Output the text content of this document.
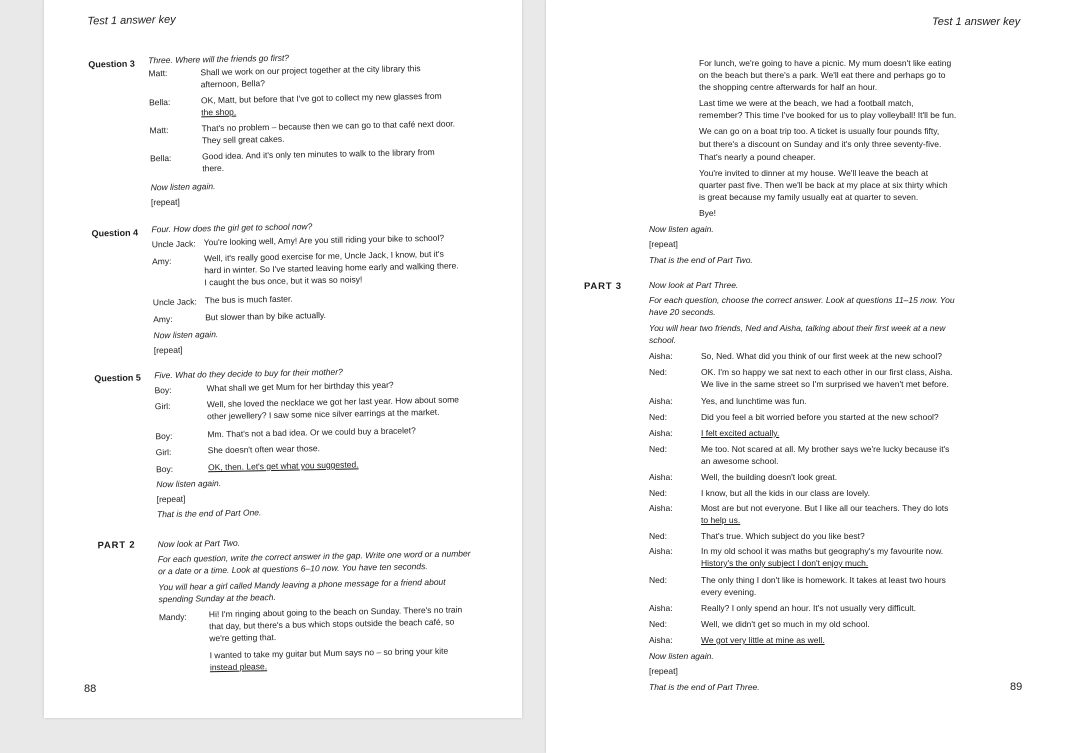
Test 1 answer key
Question 3 Three. Where will the friends go first?
Matt:	Shall we work on our project together at the city library this
afternoon, Bella?
Bella:	OK, Matt, but before that I've got to collect my new glasses from
the shop.
Matt:	That's no problem – because then we can go to that café next door.
They sell great cakes.
Bella:	Good idea. And it's only ten minutes to walk to the library from
there.
Now listen again.
[repeat]
Question 4 Four. How does the girl get to school now?
Uncle Jack: You're looking well, Amy! Are you still riding your bike to school?
Amy:	Well, it's really good exercise for me, Uncle Jack, I know, but it's
hard in winter. So I've started leaving home early and walking there.
I caught the bus once, but it was so noisy!
Uncle Jack: The bus is much faster.
Amy:	But slower than by bike actually.
Now listen again.
[repeat]
Question 5 Five. What do they decide to buy for their mother?
Boy:	What shall we get Mum for her birthday this year?
Girl:	Well, she loved the necklace we got her last year. How about some
other jewellery? I saw some nice silver earrings at the market.
Boy:	Mm. That's not a bad idea. Or we could buy a bracelet?
Girl:	She doesn't often wear those.
Boy:	OK, then. Let's get what you suggested.
Now listen again.
[repeat]
That is the end of Part One.
PART 2	Now look at Part Two.
For each question, write the correct answer in the gap. Write one word or a number
or a date or a time. Look at questions 6–10 now. You have ten seconds.
You will hear a girl called Mandy leaving a phone message for a friend about
spending Sunday at the beach.
Mandy:	Hi! I'm ringing about going to the beach on Sunday. There's no train
that day, but there's a bus which stops outside the beach café, so
we're getting that.
I wanted to take my guitar but Mum says no – so bring your kite
instead please.
88
Test 1 answer key
For lunch, we're going to have a picnic. My mum doesn't like eating
on the beach but there's a park. We'll eat there and perhaps go to
the shopping centre afterwards for half an hour.
Last time we were at the beach, we had a football match,
remember? This time I've booked for us to play volleyball! It'll be fun.
We can go on a boat trip too. A ticket is usually four pounds fifty,
but there's a discount on Sunday and it's only three seventy-five.
That's nearly a pound cheaper.
You're invited to dinner at my house. We'll leave the beach at
quarter past five. Then we'll be back at my place at six thirty which
is great because my family usually eat at quarter to seven.
Bye!
Now listen again.
[repeat]
That is the end of Part Two.
PART 3	Now look at Part Three.
For each question, choose the correct answer. Look at questions 11–15 now. You
have 20 seconds.
You will hear two friends, Ned and Aisha, talking about their first week at a new
school.
Aisha:	So, Ned. What did you think of our first week at the new school?
Ned:	OK. I'm so happy we sat next to each other in our first class, Aisha.
We live in the same street so I'm surprised we haven't met before.
Aisha:	Yes, and lunchtime was fun.
Ned:	Did you feel a bit worried before you started at the new school?
Aisha:	I felt excited actually.
Ned:	Me too. Not scared at all. My brother says we're lucky because it's
an awesome school.
Aisha:	Well, the building doesn't look great.
Ned:	I know, but all the kids in our class are lovely.
Aisha:	Most are but not everyone. But I like all our teachers. They do lots
to help us.
Ned:	That's true. Which subject do you like best?
Aisha:	In my old school it was maths but geography's my favourite now.
History's the only subject I don't enjoy much.
Ned:	The only thing I don't like is homework. It takes at least two hours
every evening.
Aisha:	Really? I only spend an hour. It's not usually very difficult.
Ned:	Well, we didn't get so much in my old school.
Aisha:	We got very little at mine as well.
Now listen again.
[repeat]
That is the end of Part Three.	89
